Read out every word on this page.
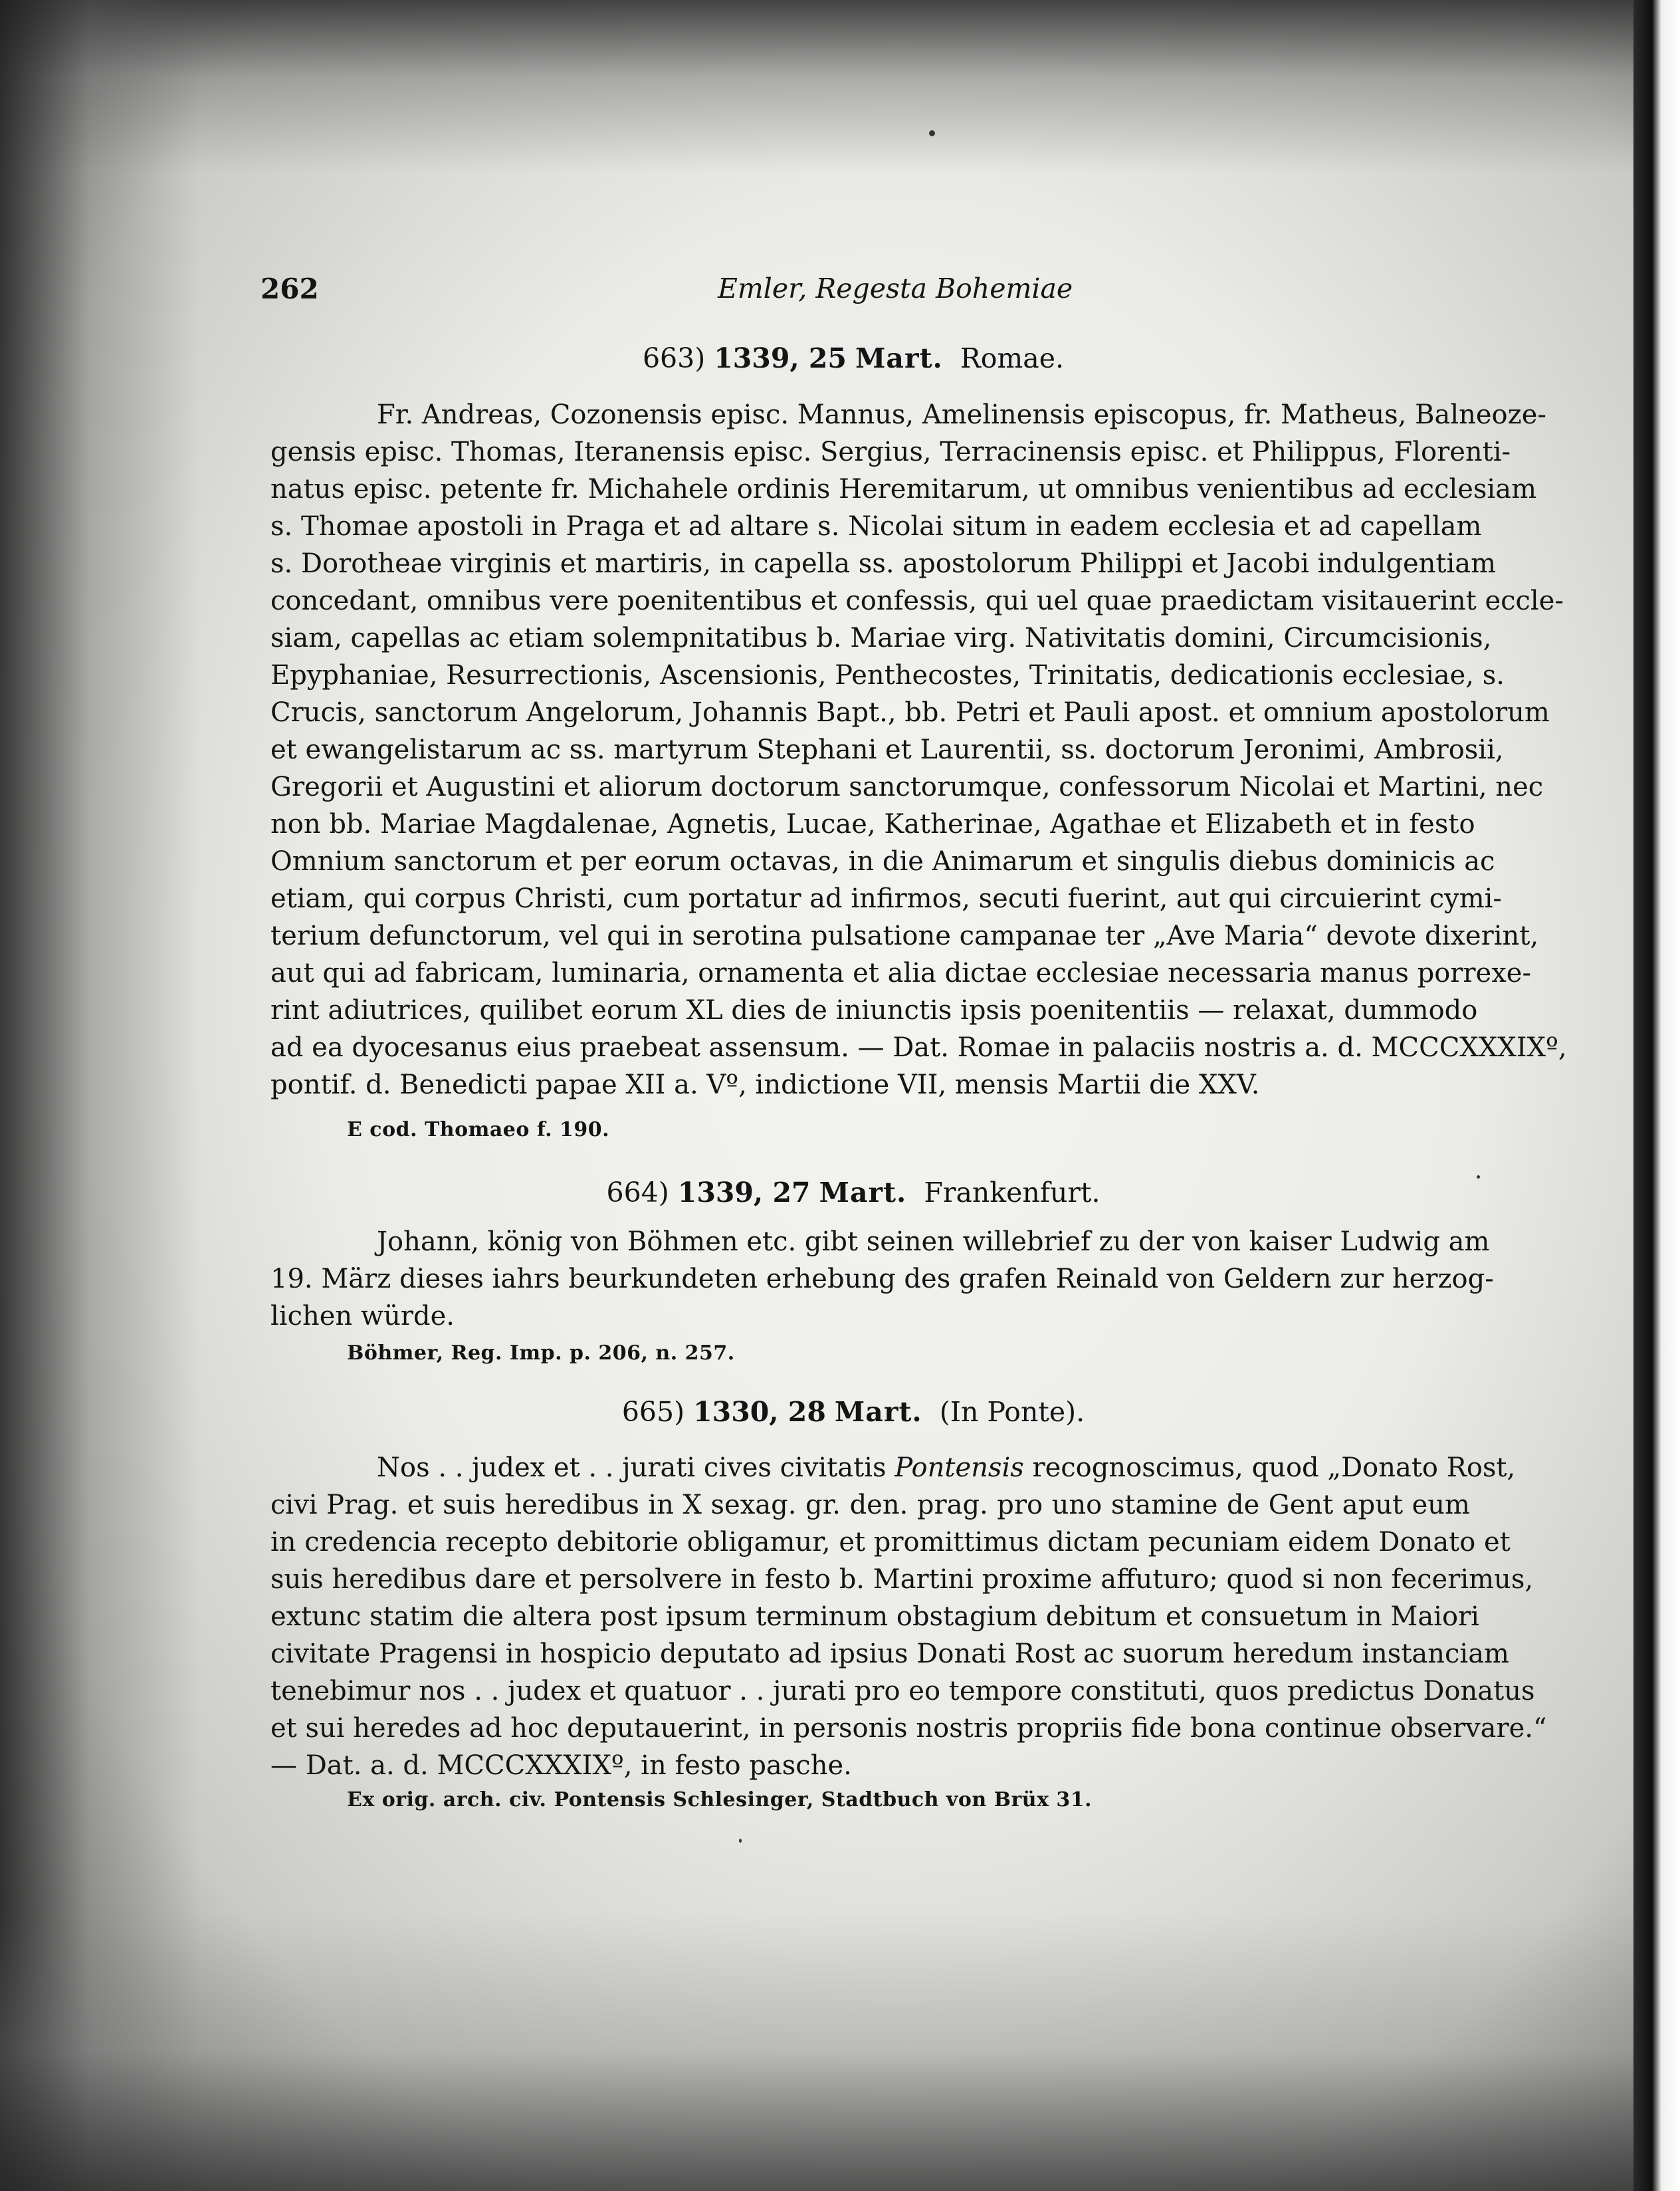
262	Emler, Regesta Bohemiae
663) 1339, 25 Mart. Romae.
Fr. Andreas, Cozonensis episc. Mannus, Amelinensis episcopus, fr. Matheus, Balneoze-
gensis episc. Thomas, Iteranensis episc. Sergius, Terracinensis episc. et Philippus, Florenti-
natus episc. petente fr. Michahele ordinis Heremitarum, ut omnibus venientibus ad ecclesiam
s. Thomae apostoli in Praga et ad altare s. Nicolai situm in eadem ecclesia et ad capellam
s. Dorotheae virginis et martiris, in capella ss. apostolorum Philippi et Jacobi indulgentiam
concedant, omnibus vere poenitentibus et confessis, qui uel quae praedictam visitauerint eccle-
siam, capellas ac etiam solempnitatibus b. Mariae virg. Nativitatis domini, Circumcisionis,
Epyphaniae, Resurrectionis, Ascensionis, Penthecostes, Trinitatis, dedicationis ecclesiae, s.
Crucis, sanctorum Angelorum, Johannis Bapt., bb. Petri et Pauli apost. et omnium apostolorum
et ewangelistarum ac ss. martyrum Stephani et Laurentii, ss. doctorum Jeronimi, Ambrosii,
Gregorii et Augustini et aliorum doctorum sanctorumque, confessorum Nicolai et Martini, nec
non bb. Mariae Magdalenae, Agnetis, Lucae, Katherinae, Agathae et Elizabeth et in festo
Omnium sanctorum et per eorum octavas, in die Animarum et singulis diebus dominicis ac
etiam, qui corpus Christi, cum portatur ad infirmos, secuti fuerint, aut qui circuierint cymi-
terium defunctorum, vel qui in serotina pulsatione campanae ter „Ave Maria“ devote dixerint,
aut qui ad fabricam, luminaria, ornamenta et alia dictae ecclesiae necessaria manus porrexe-
rint adiutrices, quilibet eorum XL dies de iniunctis ipsis poenitentiis — relaxat, dummodo
ad ea dyocesanus eius praebeat assensum. — Dat. Romae in palaciis nostris a. d. MCCCXXXIXº,
pontif. d. Benedicti papae XII a. Vº, indictione VII, mensis Martii die XXV.
E cod. Thomaeo f. 190.
664) 1339, 27 Mart. Frankenfurt.
Johann, könig von Böhmen etc. gibt seinen willebrief zu der von kaiser Ludwig am
19. März dieses iahrs beurkundeten erhebung des grafen Reinald von Geldern zur herzog-
lichen würde.
Böhmer, Reg. Imp. p. 206, n. 257.
665) 1330, 28 Mart. (In Ponte).
Nos . . judex et . . jurati cives civitatis Pontensis recognoscimus, quod „Donato Rost,
civi Prag. et suis heredibus in X sexag. gr. den. prag. pro uno stamine de Gent aput eum
in credencia recepto debitorie obligamur, et promittimus dictam pecuniam eidem Donato et
suis heredibus dare et persolvere in festo b. Martini proxime affuturo; quod si non fecerimus,
extunc statim die altera post ipsum terminum obstagium debitum et consuetum in Maiori
civitate Pragensi in hospicio deputato ad ipsius Donati Rost ac suorum heredum instanciam
tenebimur nos . . judex et quatuor . . jurati pro eo tempore constituti, quos predictus Donatus
et sui heredes ad hoc deputauerint, in personis nostris propriis fide bona continue observare.“
— Dat. a. d. MCCCXXXIXº, in festo pasche.
Ex orig. arch. civ. Pontensis Schlesinger, Stadtbuch von Brüx 31.
